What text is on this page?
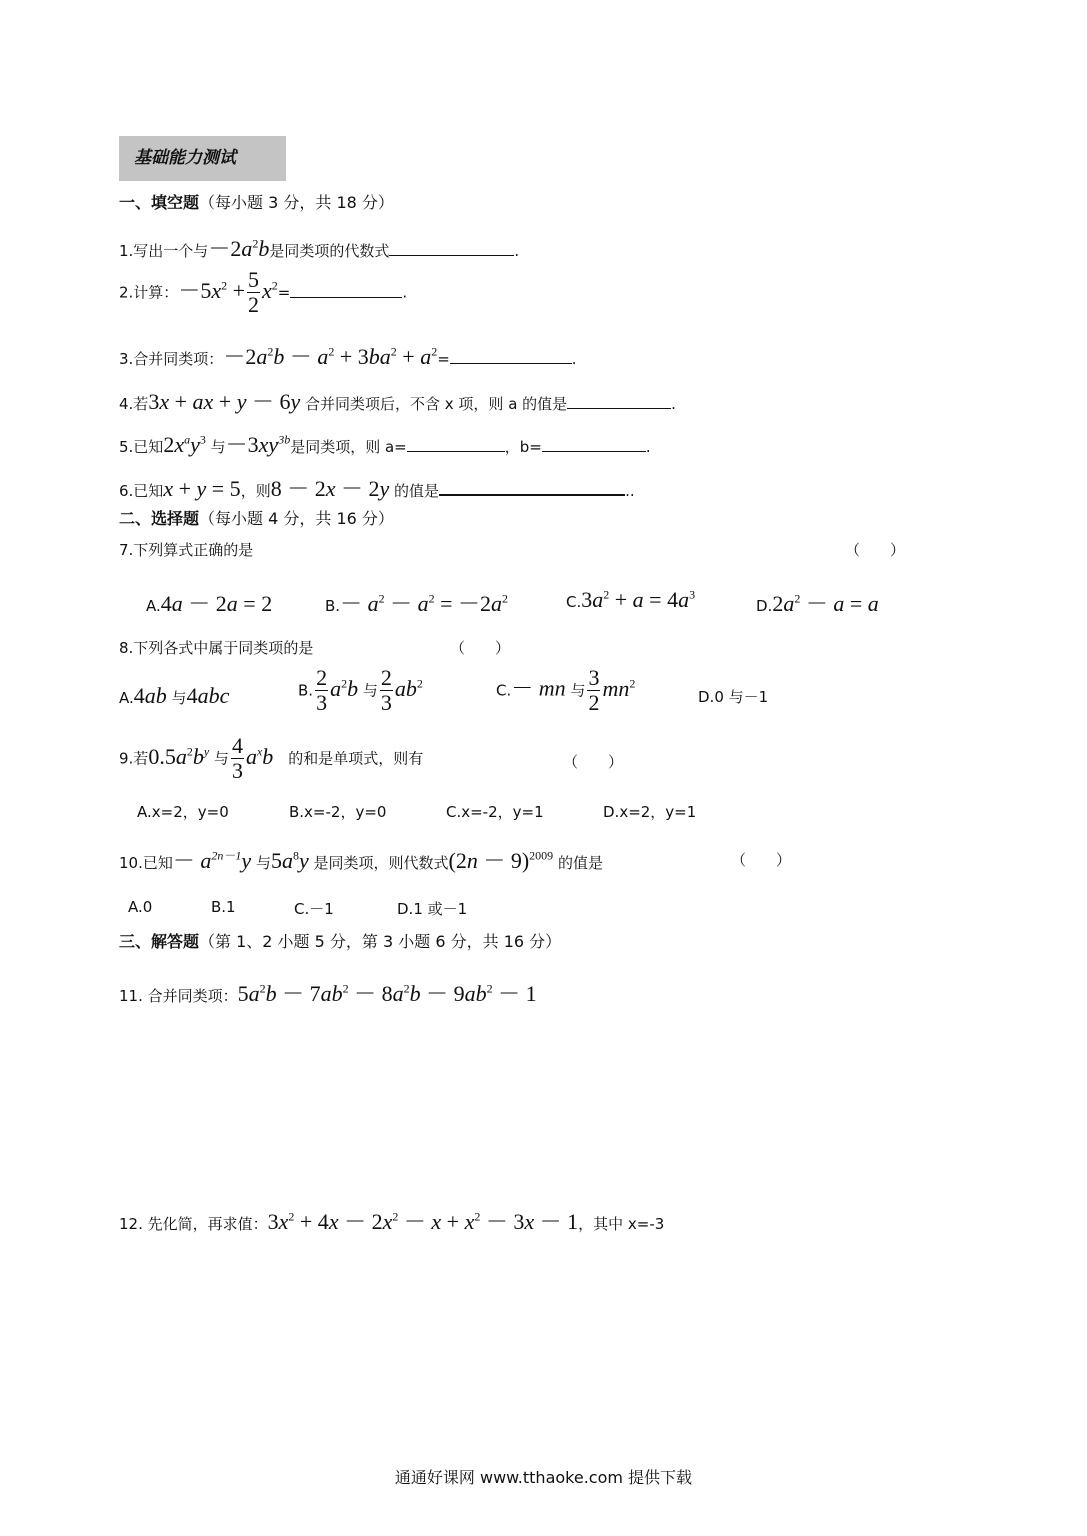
基础能力测试
一、填空题（每小题 3 分，共 18 分）
1.写出一个与$-2a^2b$是同类项的代数式	.
2.计算：$-5x^2 + \frac{5}{2} x^2=$	.
3.合并同类项：$-2a^2b - a^2 + 3ba^2 + a^2=$	.
4.若3x + ax + y － 6y 合并同类项后，不含 x 项，则 a 的值是	.
5.已知$2x^ay^3$ 与$-3xy^{3b}$是同类项，则 a=	，b=	.
6.已知x + y = 5，则8 － 2x － 2y 的值是	..
二、选择题（每小题 4 分，共 16 分）
7.下列算式正确的是	（　　）
A.4a － 2a = 2	$B.- a^2 - a^2 = -2a^2$	$C.3a^2 + a = 4a^3$
$D.2a^2 - a = a$
8.下列各式中属于同类项的是	（　　）
A.4ab 与4abc	B. $\frac{2}{3} a^2b$ 与 $\frac{2}{3} ab^2$	C.－ mn 与 $\frac{3}{2} mn^2$
D.0 与－1
9.若$0.5a^2b^y$ 与 $\frac{4}{3} a^xb$　 的和是单项式，则有	（　　）
A.x=2，y=0	B.x=-2，y=0	C.x=-2，y=1	D.x=2，y=1
10.已知－ $a^{2n-1}y$ 与$5a^8y$ 是同类项，则代数式$(2n - 9)^{2009}$ 的值是	（　　）
A.0	B.1	C.－1	D.1 或－1
三、解答题（第 1、2 小题 5 分，第 3 小题 6 分，共 16 分）
11. 合并同类项：$5a^2b - 7ab^2 - 8a^2b - 9ab^2 - 1$
12. 先化简，再求值：$3x^2 + 4x - 2x^2 - x + x^2 - 3x - 1$，其中 x=-3
通通好课网 www.tthaoke.com 提供下载
